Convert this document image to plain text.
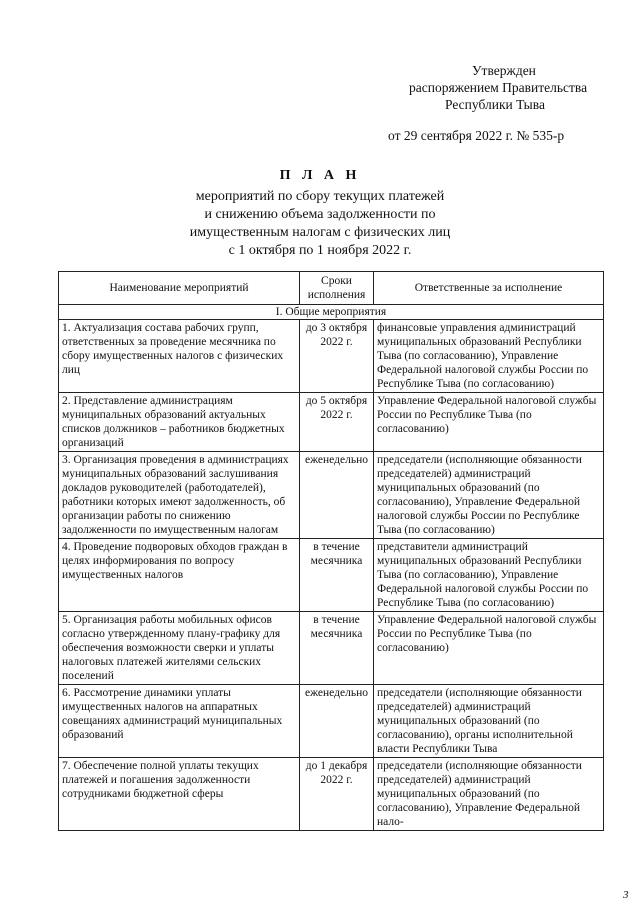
Утвержден
распоряжением Правительства
Республики Тыва
от 29 сентября 2022 г. № 535-р
П Л А Н
мероприятий по сбору текущих платежей
и снижению объема задолженности по
имущественным налогам с физических лиц
с 1 октября по 1 ноября 2022 г.
Наименование мероприятий	Сроки исполнения	Ответственные за исполнение
I. Общие мероприятия		
1. Актуализация состава рабочих групп, ответственных за проведение месячника по сбору имущественных налогов с физических лиц	до 3 октября 2022 г.	финансовые управления администраций муниципальных образований Республики Тыва (по согласованию), Управление Федеральной налоговой службы России по Республике Тыва (по согласованию)
2. Представление администрациям муниципальных образований актуальных списков должников – работников бюджетных организаций	до 5 октября 2022 г.	Управление Федеральной налоговой службы России по Республике Тыва (по согласованию)
3. Организация проведения в администрациях муниципальных образований заслушивания докладов руководителей (работодателей), работники которых имеют задолженность, об организации работы по снижению задолженности по имущественным налогам	еженедельно	председатели (исполняющие обязанности председателей) администраций муниципальных образований (по согласованию), Управление Федеральной налоговой службы России по Республике Тыва (по согласованию)
4. Проведение подворовых обходов граждан в целях информирования по вопросу имущественных налогов	в течение месячника	представители администраций муниципальных образований Республики Тыва (по согласованию), Управление Федеральной налоговой службы России по Республике Тыва (по согласованию)
5. Организация работы мобильных офисов согласно утвержденному плану-графику для обеспечения возможности сверки и уплаты налоговых платежей жителями сельских поселений	в течение месячника	Управление Федеральной налоговой службы России по Республике Тыва (по согласованию)
6. Рассмотрение динамики уплаты имущественных налогов на аппаратных совещаниях администраций муниципальных образований	еженедельно	председатели (исполняющие обязанности председателей) администраций муниципальных образований (по согласованию), органы исполнительной власти Республики Тыва
7. Обеспечение полной уплаты текущих платежей и погашения задолженности сотрудниками бюджетной сферы	до 1 декабря 2022 г.	председатели (исполняющие обязанности председателей) администраций муниципальных образований (по согласованию), Управление Федеральной нало-
3
